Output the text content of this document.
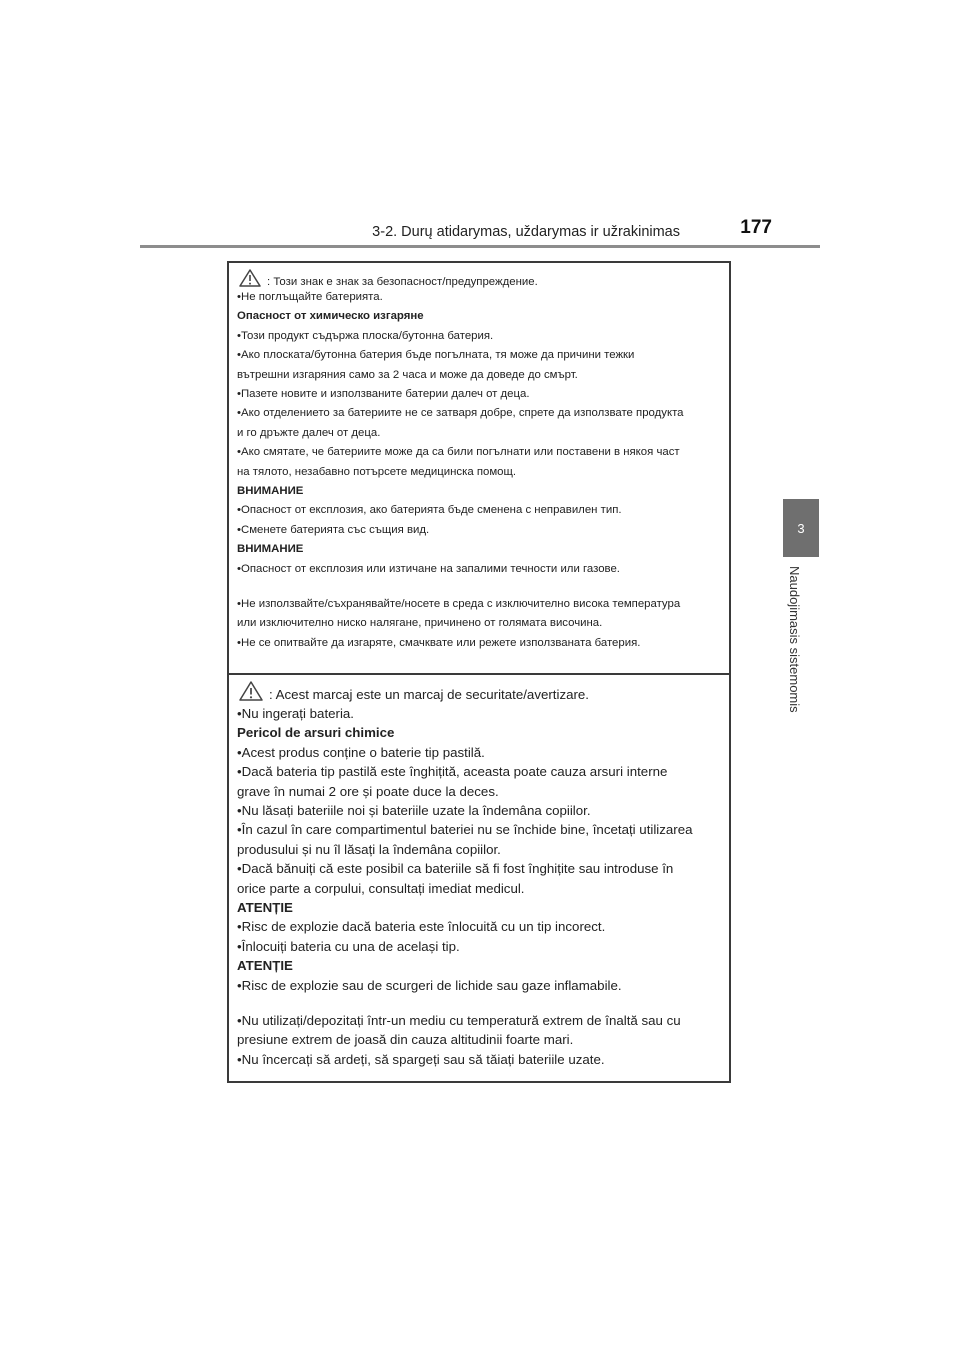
3-2. Durų atidarymas, uždarymas ir užrakinimas	177
3
Naudojimasis sistemomis
: Този знак е знак за безопасност/предупреждение.
•Не поглъщайте батерията.
Опасност от химическо изгаряне
•Този продукт съдържа плоска/бутонна батерия.
•Ако плоската/бутонна батерия бъде погълната, тя може да причини тежки
вътрешни изгаряния само за 2 часа и може да доведе до смърт.
•Пазете новите и използваните батерии далеч от деца.
•Ако отделението за батериите не се затваря добре, спрете да използвате продукта
и го дръжте далеч от деца.
•Ако смятате, че батериите може да са били погълнати или поставени в някоя част
на тялото, незабавно потърсете медицинска помощ.
ВНИМАНИЕ
•Опасност от експлозия, ако батерията бъде сменена с неправилен тип.
•Сменете батерията със същия вид.
ВНИМАНИЕ
•Опасност от експлозия или изтичане на запалими течности или газове.
•Не използвайте/съхранявайте/носете в среда с изключително висока температура
или изключително ниско налягане, причинено от голямата височина.
•Не се опитвайте да изгаряте, смачквате или режете използваната батерия.
: Acest marcaj este un marcaj de securitate/avertizare.
•Nu ingerați bateria.
Pericol de arsuri chimice
•Acest produs conține o baterie tip pastilă.
•Dacă bateria tip pastilă este înghițită, aceasta poate cauza arsuri interne
grave în numai 2 ore și poate duce la deces.
•Nu lăsați bateriile noi și bateriile uzate la îndemâna copiilor.
•În cazul în care compartimentul bateriei nu se închide bine, încetați utilizarea
produsului și nu îl lăsați la îndemâna copiilor.
•Dacă bănuiți că este posibil ca bateriile să fi fost înghițite sau introduse în
orice parte a corpului, consultați imediat medicul.
ATENȚIE
•Risc de explozie dacă bateria este înlocuită cu un tip incorect.
•Înlocuiți bateria cu una de același tip.
ATENȚIE
•Risc de explozie sau de scurgeri de lichide sau gaze inflamabile.
•Nu utilizați/depozitați într-un mediu cu temperatură extrem de înaltă sau cu
presiune extrem de joasă din cauza altitudinii foarte mari.
•Nu încercați să ardeți, să spargeți sau să tăiați bateriile uzate.
